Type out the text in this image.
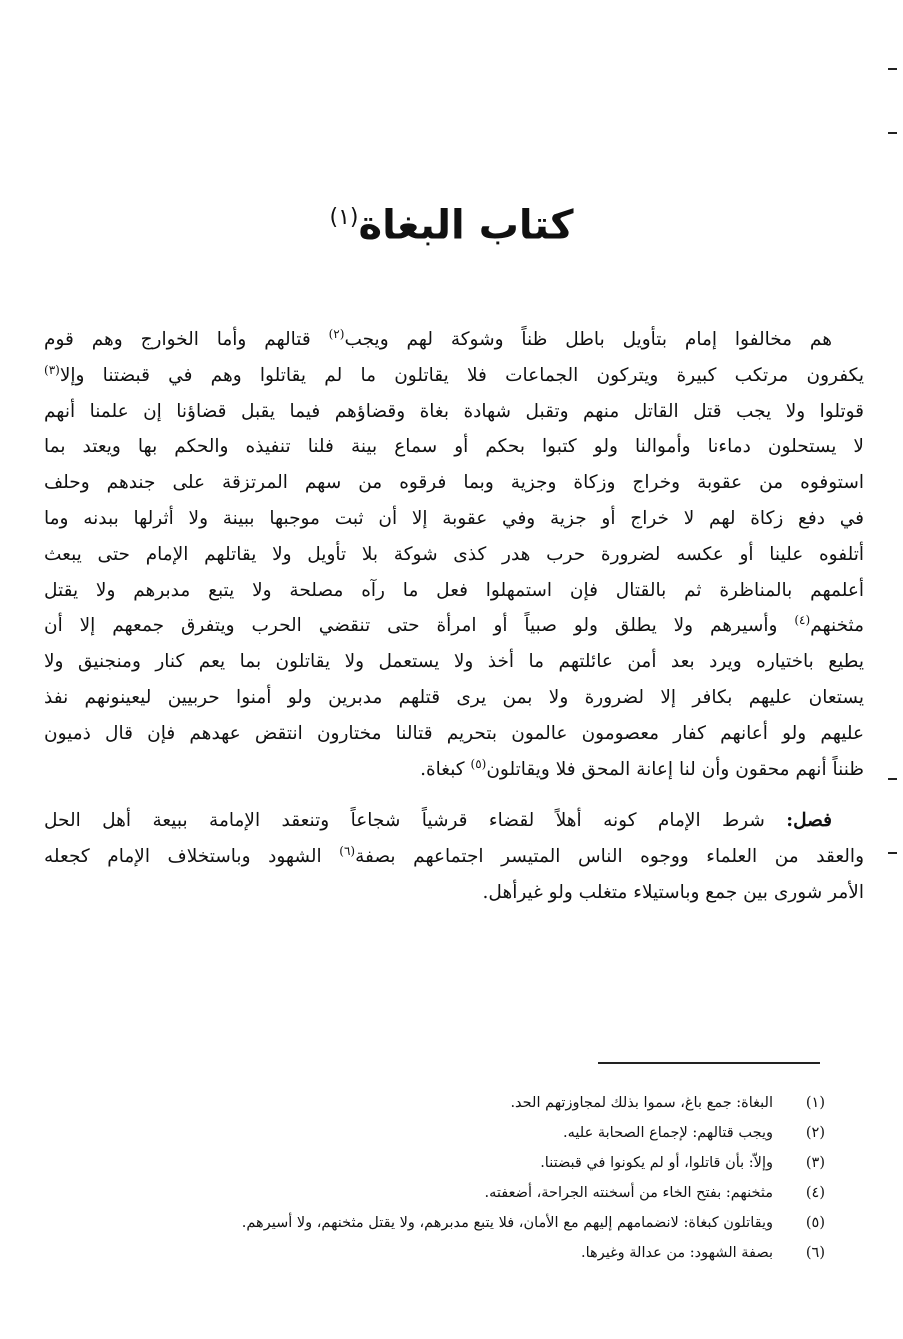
كتاب البغاة$^{(١)}$
هم مخالفوا إمام بتأويل باطل ظناً وشوكة لهم ويجب$^{(٢)}$ قتالهم وأما الخوارج وهم قوم
يكفرون مرتكب كبيرة ويتركون الجماعات فلا يقاتلون ما لم يقاتلوا وهم في قبضتنا وإلا$^{(٣)}$
قوتلوا ولا يجب قتل القاتل منهم وتقبل شهادة بغاة وقضاؤهم فيما يقبل قضاؤنا إن علمنا أنهم
لا يستحلون دماءنا وأموالنا ولو كتبوا بحكم أو سماع بينة فلنا تنفيذه والحكم بها ويعتد بما
استوفوه من عقوبة وخراج وزكاة وجزية وبما فرقوه من سهم المرتزقة على جندهم وحلف
في دفع زكاة لهم لا خراج أو جزية وفي عقوبة إلا أن ثبت موجبها ببينة ولا أثرلها ببدنه وما
أتلفوه علينا أو عكسه لضرورة حرب هدر كذى شوكة بلا تأويل ولا يقاتلهم الإمام حتى يبعث
أعلمهم بالمناظرة ثم بالقتال فإن استمهلوا فعل ما رآه مصلحة ولا يتبع مدبرهم ولا يقتل
مثخنهم$^{(٤)}$ وأسيرهم ولا يطلق ولو صبياً أو امرأة حتى تنقضي الحرب ويتفرق جمعهم إلا أن
يطيع باختياره ويرد بعد أمن عائلتهم ما أخذ ولا يستعمل ولا يقاتلون بما يعم كنار ومنجنيق ولا
يستعان عليهم بكافر إلا لضرورة ولا بمن يرى قتلهم مدبرين ولو أمنوا حربيين ليعينونهم نفذ
عليهم ولو أعانهم كفار معصومون عالمون بتحريم قتالنا مختارون انتقض عهدهم فإن قال ذميون
ظنناً أنهم محقون وأن لنا إعانة المحق فلا ويقاتلون$^{(٥)}$ كبغاة.
فصل: شرط الإمام كونه أهلاً لقضاء قرشياً شجاعاً وتنعقد الإمامة ببيعة أهل الحل
والعقد من العلماء ووجوه الناس المتيسر اجتماعهم بصفة$^{(٦)}$ الشهود وباستخلاف الإمام كجعله
الأمر شورى بين جمع وباستيلاء متغلب ولو غيرأهل.
(١)
البغاة: جمع باغ، سموا بذلك لمجاوزتهم الحد.
(٢)
ويجب قتالهم: لإجماع الصحابة عليه.
(٣)
وإلاّ: بأن قاتلوا، أو لم يكونوا في قبضتنا.
(٤)
مثخنهم: بفتح الخاء من أسخنته الجراحة، أضعفته.
(٥)
ويقاتلون كبغاة: لانضمامهم إليهم مع الأمان، فلا يتبع مدبرهم، ولا يقتل مثخنهم، ولا أسيرهم.
(٦)
بصفة الشهود: من عدالة وغيرها.
